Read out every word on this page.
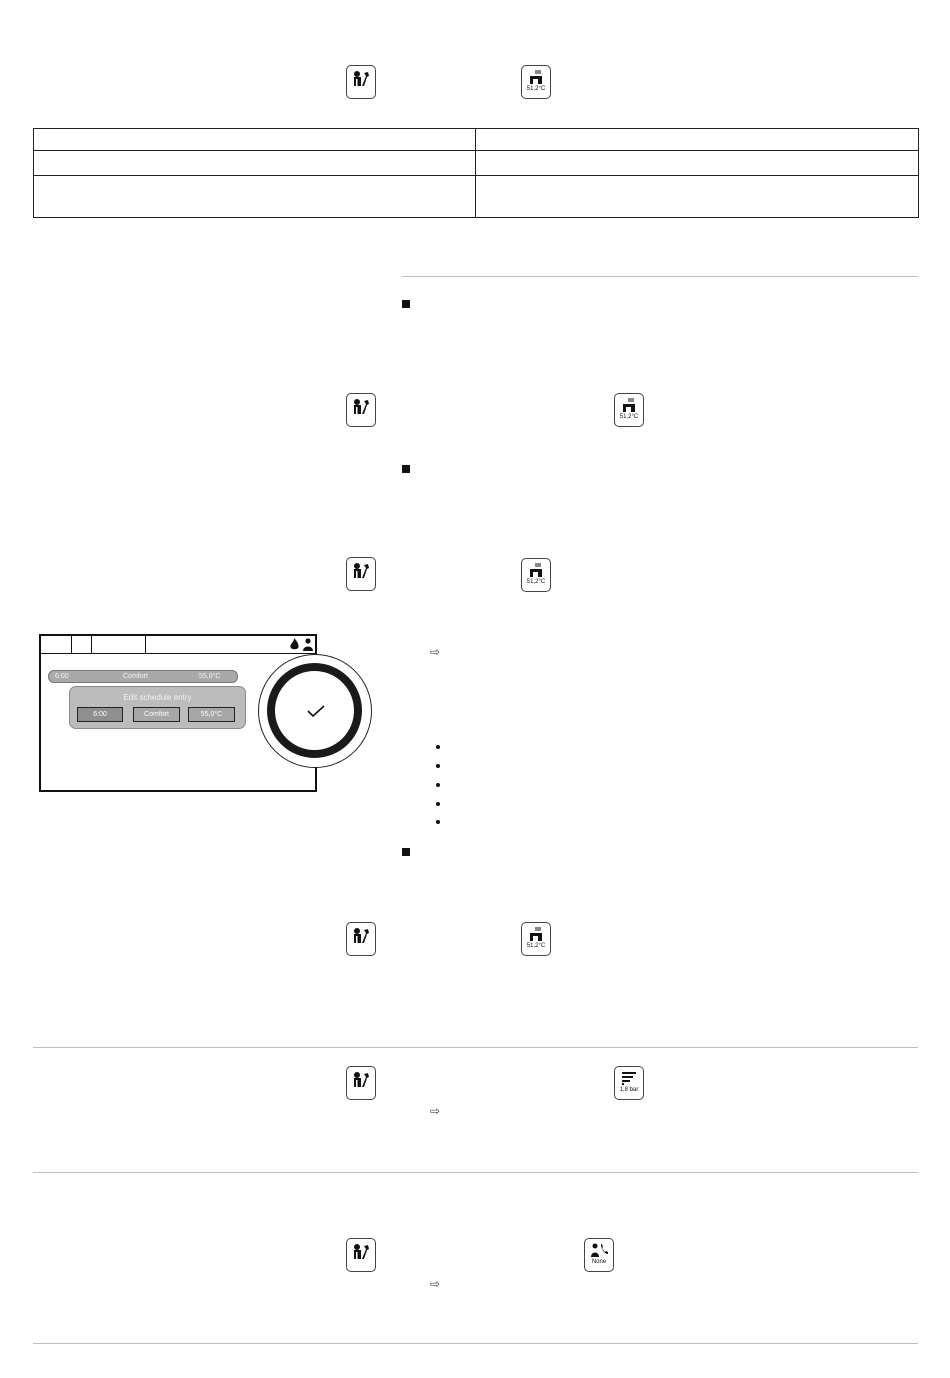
51,2°C

51,2°C
51,2°C
6:00	Comfort	55,0°C
Edit schedule entry
6:00	Comfort	55,0°C
⇨
51,2°C
1,8 bar
⇨
None
⇨
